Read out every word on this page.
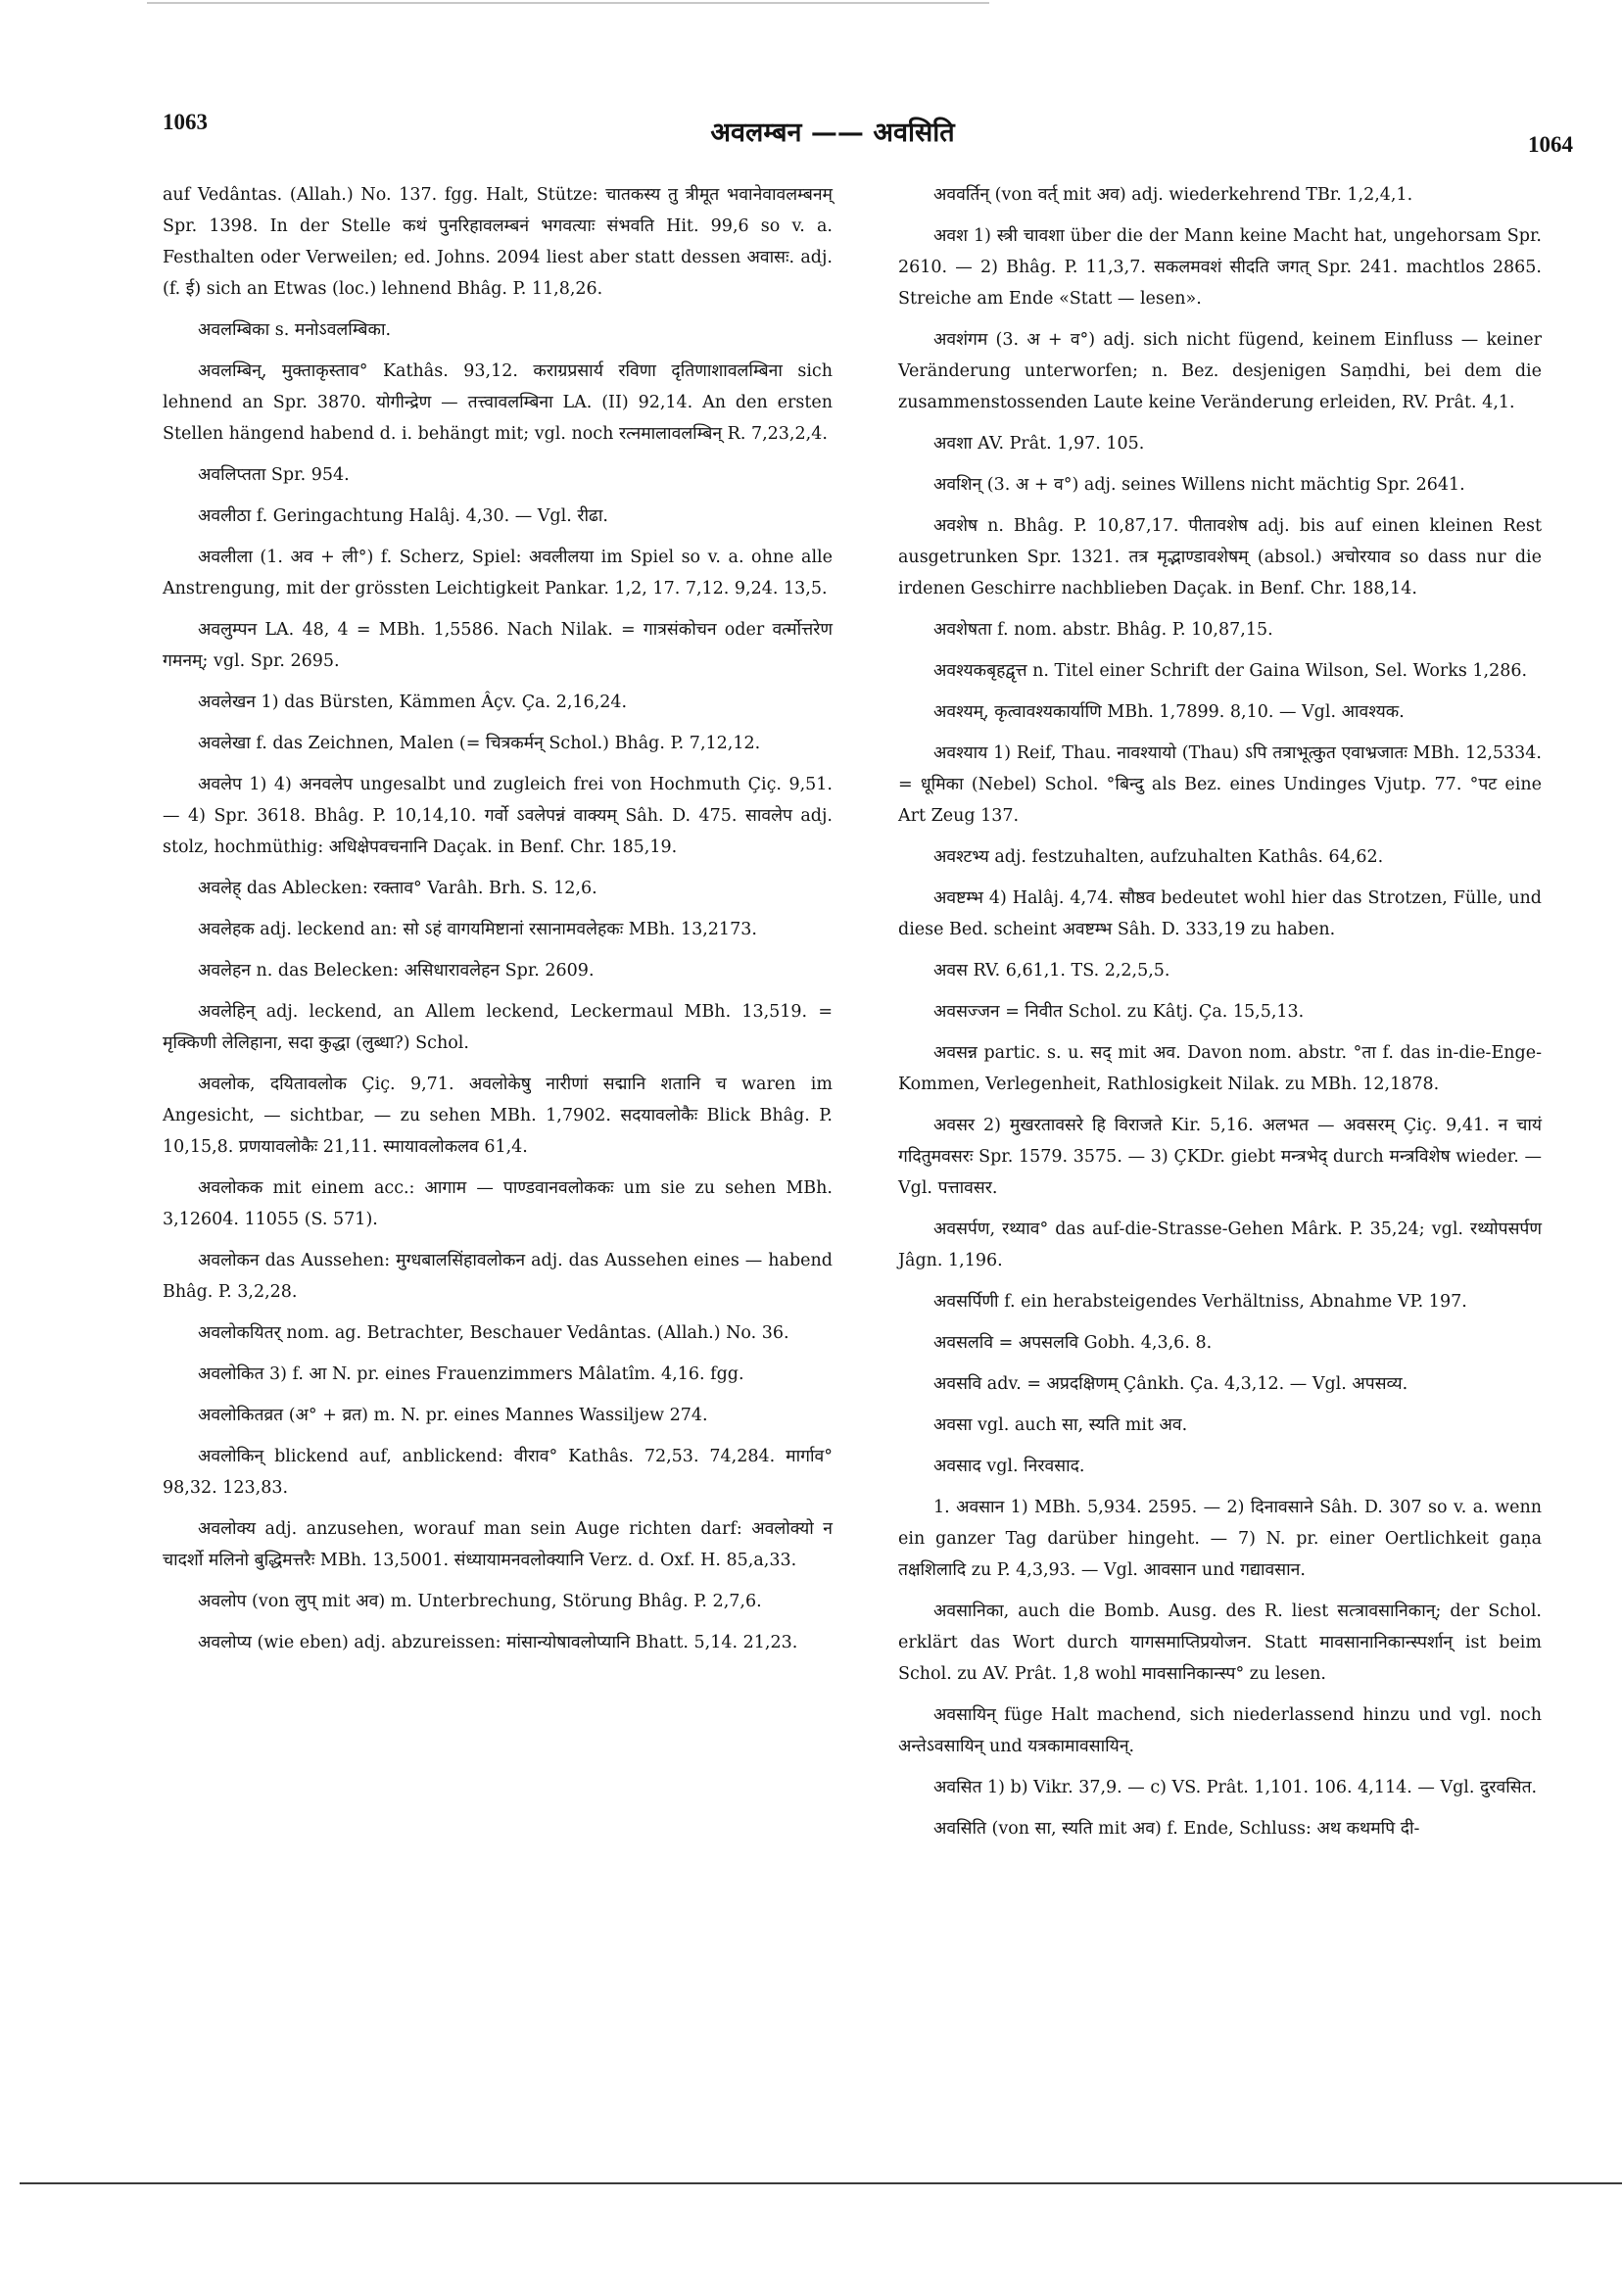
1063	अवलम्बन —— अवसिति	1064

auf Vedântas. (Allah.) No. 137. fgg. Halt, Stütze: चातकस्य तु त्रीमूत भवानेवावलम्बनम् Spr. 1398. In der Stelle कथं पुनरिहावलम्बनं भगवत्याः संभवति Hit. 99,6 so v. a. Festhalten oder Verweilen; ed. Johns. 2094 liest aber statt dessen अवासः. adj. (f. ई) sich an Etwas (loc.) lehnend Bhâg. P. 11,8,26.

अवलम्बिका s. मनोऽवलम्बिका.

अवलम्बिन्, मुक्ताकृस्ताव° Kathâs. 93,12. कराग्रप्रसार्य रविणा दृतिणाशावलम्बिना sich lehnend an Spr. 3870. योगीन्द्रेण — तत्त्वावलम्बिना LA. (II) 92,14. An den ersten Stellen hängend habend d. i. behängt mit; vgl. noch रत्नमालावलम्बिन् R. 7,23,2,4.

अवलिप्तता Spr. 954.

अवलीठा f. Geringachtung Halâj. 4,30. — Vgl. रीढा.

अवलीला (1. अव + ली°) f. Scherz, Spiel: अवलीलया im Spiel so v. a. ohne alle Anstrengung, mit der grössten Leichtigkeit Pankar. 1,2, 17. 7,12. 9,24. 13,5.

अवलुम्पन LA. 48, 4 = MBh. 1,5586. Nach Nilak. = गात्रसंकोचन oder वर्त्मोत्तरेण गमनम्; vgl. Spr. 2695.

अवलेखन 1) das Bürsten, Kämmen Âçv. Ça. 2,16,24.

अवलेखा f. das Zeichnen, Malen (= चित्रकर्मन् Schol.) Bhâg. P. 7,12,12.

अवलेप 1) 4) अनवलेप ungesalbt und zugleich frei von Hochmuth Çiç. 9,51. — 4) Spr. 3618. Bhâg. P. 10,14,10. गर्वो ऽवलेपन्नं वाक्यम् Sâh. D. 475. सावलेप adj. stolz, hochmüthig: अधिक्षेपवचनानि Daçak. in Benf. Chr. 185,19.

अवलेह् das Ablecken: रक्ताव° Varâh. Brh. S. 12,6.

अवलेहक adj. leckend an: सो ऽहं वागयमिष्टानां रसानामवलेहकः MBh. 13,2173.

अवलेहन n. das Belecken: असिधारावलेहन Spr. 2609.

अवलेहिन् adj. leckend, an Allem leckend, Leckermaul MBh. 13,519. = मृक्किणी लेलिहाना, सदा कुद्धा (लुब्धा?) Schol.

अवलोक, दयितावलोक Çiç. 9,71. अवलोकेषु नारीणां सद्मानि शतानि च waren im Angesicht, — sichtbar, — zu sehen MBh. 1,7902. सदयावलोकैः Blick Bhâg. P. 10,15,8. प्रणयावलोकैः 21,11. स्मायावलोकलव 61,4.

अवलोकक mit einem acc.: आगाम — पाण्डवानवलोककः um sie zu sehen MBh. 3,12604. 11055 (S. 571).

अवलोकन das Aussehen: मुग्धबालसिंहावलोकन adj. das Aussehen eines — habend Bhâg. P. 3,2,28.

अवलोकयितर् nom. ag. Betrachter, Beschauer Vedântas. (Allah.) No. 36.

अवलोकित 3) f. आ N. pr. eines Frauenzimmers Mâlatîm. 4,16. fgg.

अवलोकितव्रत (अ° + व्रत) m. N. pr. eines Mannes Wassiljew 274.

अवलोकिन् blickend auf, anblickend: वीराव° Kathâs. 72,53. 74,284. मार्गाव° 98,32. 123,83.

अवलोक्य adj. anzusehen, worauf man sein Auge richten darf: अवलोक्यो न चादर्शो मलिनो बुद्धिमत्तरैः MBh. 13,5001. संध्यायामनवलोक्यानि Verz. d. Oxf. H. 85,a,33.

अवलोप (von लुप् mit अव) m. Unterbrechung, Störung Bhâg. P. 2,7,6.

अवलोप्य (wie eben) adj. abzureissen: मांसान्योषावलोप्यानि Bhatt. 5,14. 21,23.

अववर्तिन् (von वर्त् mit अव) adj. wiederkehrend TBr. 1,2,4,1.

अवश 1) स्त्री चावशा über die der Mann keine Macht hat, ungehorsam Spr. 2610. — 2) Bhâg. P. 11,3,7. सकलमवशं सीदति जगत् Spr. 241. machtlos 2865. Streiche am Ende «Statt — lesen».

अवशंगम (3. अ + व°) adj. sich nicht fügend, keinem Einfluss — keiner Veränderung unterworfen; n. Bez. desjenigen Saṃdhi, bei dem die zusammenstossenden Laute keine Veränderung erleiden, RV. Prât. 4,1.

अवशा AV. Prât. 1,97. 105.

अवशिन् (3. अ + व°) adj. seines Willens nicht mächtig Spr. 2641.

अवशेष n. Bhâg. P. 10,87,17. पीतावशेष adj. bis auf einen kleinen Rest ausgetrunken Spr. 1321. तत्र मृद्भाण्डावशेषम् (absol.) अचोरयाव so dass nur die irdenen Geschirre nachblieben Daçak. in Benf. Chr. 188,14.

अवशेषता f. nom. abstr. Bhâg. P. 10,87,15.

अवश्यकबृहद्वृत्त n. Titel einer Schrift der Gaina Wilson, Sel. Works 1,286.

अवश्यम्, कृत्वावश्यकार्याणि MBh. 1,7899. 8,10. — Vgl. आवश्यक.

अवश्याय 1) Reif, Thau. नावश्यायो (Thau) ऽपि तत्राभूत्कुत एवाभ्रजातः MBh. 12,5334. = धूमिका (Nebel) Schol. °बिन्दु als Bez. eines Undinges Vjutp. 77. °पट eine Art Zeug 137.

अवश्टभ्य adj. festzuhalten, aufzuhalten Kathâs. 64,62.

अवष्टम्भ 4) Halâj. 4,74. सौष्ठव bedeutet wohl hier das Strotzen, Fülle, und diese Bed. scheint अवष्टम्भ Sâh. D. 333,19 zu haben.

अवस RV. 6,61,1. TS. 2,2,5,5.

अवसज्जन = निवीत Schol. zu Kâtj. Ça. 15,5,13.

अवसन्न partic. s. u. सद् mit अव. Davon nom. abstr. °ता f. das in-die-Enge-Kommen, Verlegenheit, Rathlosigkeit Nilak. zu MBh. 12,1878.

अवसर 2) मुखरतावसरे हि विराजते Kir. 5,16. अलभत — अवसरम् Çiç. 9,41. न चायं गदितुमवसरः Spr. 1579. 3575. — 3) ÇKDr. giebt मन्त्रभेद् durch मन्त्रविशेष wieder. — Vgl. पत्तावसर.

अवसर्पण, रथ्याव° das auf-die-Strasse-Gehen Mârk. P. 35,24; vgl. रथ्योपसर्पण Jâgn. 1,196.

अवसर्पिणी f. ein herabsteigendes Verhältniss, Abnahme VP. 197.

अवसलवि = अपसलवि Gobh. 4,3,6. 8.

अवसवि adv. = अप्रदक्षिणम् Çânkh. Ça. 4,3,12. — Vgl. अपसव्य.

अवसा vgl. auch सा, स्यति mit अव.

अवसाद vgl. निरवसाद.

1. अवसान 1) MBh. 5,934. 2595. — 2) दिनावसाने Sâh. D. 307 so v. a. wenn ein ganzer Tag darüber hingeht. — 7) N. pr. einer Oertlichkeit gaṇa तक्षशिलादि zu P. 4,3,93. — Vgl. आवसान und गद्यावसान.

अवसानिका, auch die Bomb. Ausg. des R. liest सत्त्रावसानिकान्; der Schol. erklärt das Wort durch यागसमाप्तिप्रयोजन. Statt मावसानानिकान्स्पर्शान् ist beim Schol. zu AV. Prât. 1,8 wohl मावसानिकान्स्प° zu lesen.

अवसायिन् füge Halt machend, sich niederlassend hinzu und vgl. noch अन्तेऽवसायिन् und यत्रकामावसायिन्.

अवसित 1) b) Vikr. 37,9. — c) VS. Prât. 1,101. 106. 4,114. — Vgl. दुरवसित.

अवसिति (von सा, स्यति mit अव) f. Ende, Schluss: अथ कथमपि दी-
